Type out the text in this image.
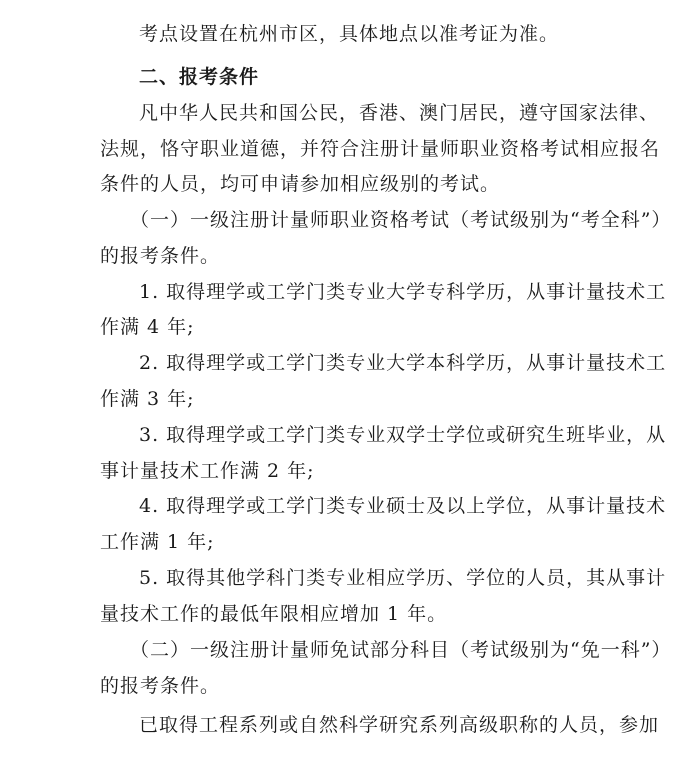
考点设置在杭州市区，具体地点以准考证为准。
二、报考条件
凡中华人民共和国公民，香港、澳门居民，遵守国家法律、
法规，恪守职业道德，并符合注册计量师职业资格考试相应报名
条件的人员，均可申请参加相应级别的考试。
（一）一级注册计量师职业资格考试（考试级别为“考全科”）
的报考条件。
1. 取得理学或工学门类专业大学专科学历，从事计量技术工
作满 4 年;
2. 取得理学或工学门类专业大学本科学历，从事计量技术工
作满 3 年;
3. 取得理学或工学门类专业双学士学位或研究生班毕业，从
事计量技术工作满 2 年;
4. 取得理学或工学门类专业硕士及以上学位，从事计量技术
工作满 1 年;
5. 取得其他学科门类专业相应学历、学位的人员，其从事计
量技术工作的最低年限相应增加 1 年。
（二）一级注册计量师免试部分科目（考试级别为“免一科”）
的报考条件。
已取得工程系列或自然科学研究系列高级职称的人员，参加
